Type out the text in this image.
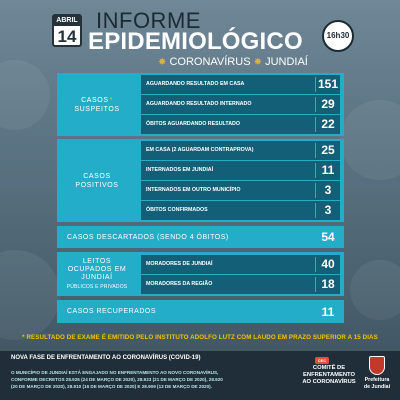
ABRIL
14
INFORME
EPIDEMIOLÓGICO
✸ CORONAVÍRUS ✸ JUNDIAÍ
16h30
CASOS*
SUSPEITOS
AGUARDANDO RESULTADO EM CASA	151
AGUARDANDO RESULTADO INTERNADO	29
ÓBITOS AGUARDANDO RESULTADO	22
CASOS
POSITIVOS
EM CASA (2 AGUARDAM CONTRAPROVA)	25
INTERNADOS EM JUNDIAÍ	11
INTERNADOS EM OUTRO MUNICÍPIO	3
ÓBITOS CONFIRMADOS	3
CASOS DESCARTADOS (SENDO 4 ÓBITOS)	54
LEITOS
OCUPADOS EM
JUNDIAÍ
PÚBLICOS E PRIVADOS
MORADORES DE JUNDIAÍ	40
MORADORES DA REGIÃO	18
CASOS RECUPERADOS	11
* RESULTADO DE EXAME É EMITIDO PELO INSTITUTO ADOLFO LUTZ COM LAUDO EM PRAZO SUPERIOR A 15 DIAS
NOVA FASE DE ENFRENTAMENTO AO CORONAVÍRUS (COVID-19)
O MUNICÍPIO DE JUNDIAÍ ESTÁ ENGAJADO NO ENFRENTAMENTO AO NOVO CORONAVÍRUS,
CONFORME DECRETOS 28.926 (24 DE MARÇO DE 2020), 28.923 (21 DE MARÇO DE 2020), 28.920
(20 DE MARÇO DE 2020), 28.910 (16 DE MARÇO DE 2020) E 28.909 (13 DE MARÇO DE 2020).
CEC
COMITÊ DE
ENFRENTAMENTO
AO CORONAVÍRUS	Prefeitura
de Jundiaí
